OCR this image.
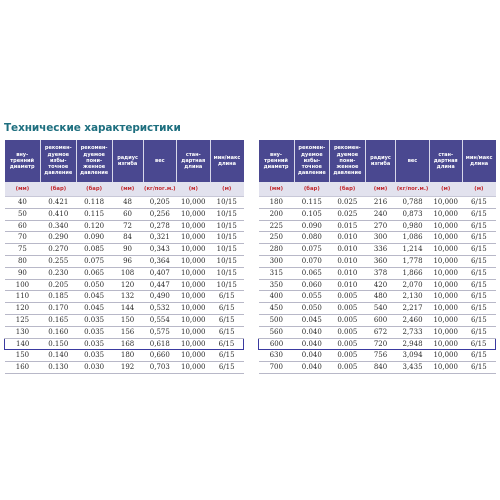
Технические характеристики
вну-
тренний
диаметр	рекомен-
дуемое
избы-
точное
давление	рекомен-
дуемое
пони-
женное
давление	радиус
изгиба	вес	стан-
дартная
длина	мин/макс
длина
(мм)	(бар)	(бар)	(мм)	(кг/пог.м.)	(м)	(м)
40	0.421	0.118	48	0,205	10,000	10/15
50	0.410	0.115	60	0,256	10,000	10/15
60	0.340	0.120	72	0,278	10,000	10/15
70	0.290	0.090	84	0,321	10,000	10/15
75	0.270	0.085	90	0,343	10,000	10/15
80	0.255	0.075	96	0,364	10,000	10/15
90	0.230	0.065	108	0,407	10,000	10/15
100	0.205	0.050	120	0,447	10,000	10/15
110	0.185	0.045	132	0,490	10,000	6/15
120	0.170	0.045	144	0,532	10,000	6/15
125	0.165	0.035	150	0,554	10,000	6/15
130	0.160	0.035	156	0,575	10,000	6/15
140	0.150	0.035	168	0,618	10,000	6/15
150	0.140	0.035	180	0,660	10,000	6/15
160	0.130	0.030	192	0,703	10,000	6/15
вну-
тренний
диаметр	рекомен-
дуемое
избы-
точное
давление	рекомен-
дуемое
пони-
женное
давление	радиус
изгиба	вес	стан-
дартная
длина	мин/макс
длина
(мм)	(бар)	(бар)	(мм)	(кг/пог.м.)	(м)	(м)
180	0.115	0.025	216	0,788	10,000	6/15
200	0.105	0.025	240	0,873	10,000	6/15
225	0.090	0.015	270	0,980	10,000	6/15
250	0.080	0.010	300	1,086	10,000	6/15
280	0.075	0.010	336	1,214	10,000	6/15
300	0.070	0.010	360	1,778	10,000	6/15
315	0.065	0.010	378	1,866	10,000	6/15
350	0.060	0.010	420	2,070	10,000	6/15
400	0.055	0.005	480	2,130	10,000	6/15
450	0.050	0.005	540	2,217	10,000	6/15
500	0.045	0.005	600	2,460	10,000	6/15
560	0.040	0.005	672	2,733	10,000	6/15
600	0.040	0.005	720	2,948	10,000	6/15
630	0.040	0.005	756	3,094	10,000	6/15
700	0.040	0.005	840	3,435	10,000	6/15
